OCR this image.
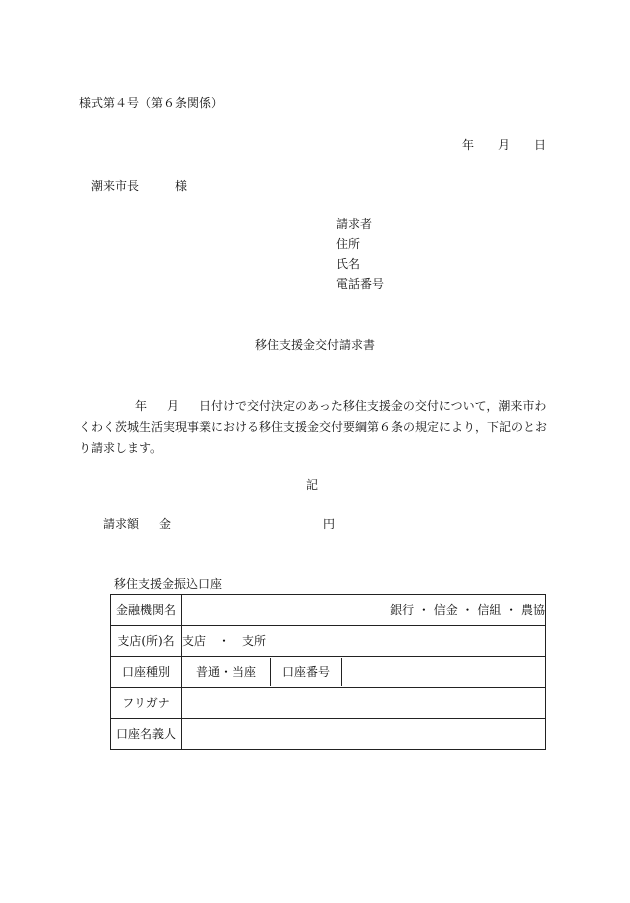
様式第４号（第６条関係）
年 月 日
潮来市長	様
請求者
住所
氏名
電話番号
移住支援金交付請求書
年 月 日付けで交付決定のあった移住支援金の交付について，潮来市わくわく茨城生活実現事業における移住支援金交付要綱第６条の規定により，下記のとおり請求します。
記
請求額 金	円
移住支援金振込口座
金融機関名	銀行 ・ 信金 ・ 信組 ・ 農協
支店(所)名	支店　・　支所
口座種別	普通・当座	口座番号	

フリガナ	
口座名義人	
